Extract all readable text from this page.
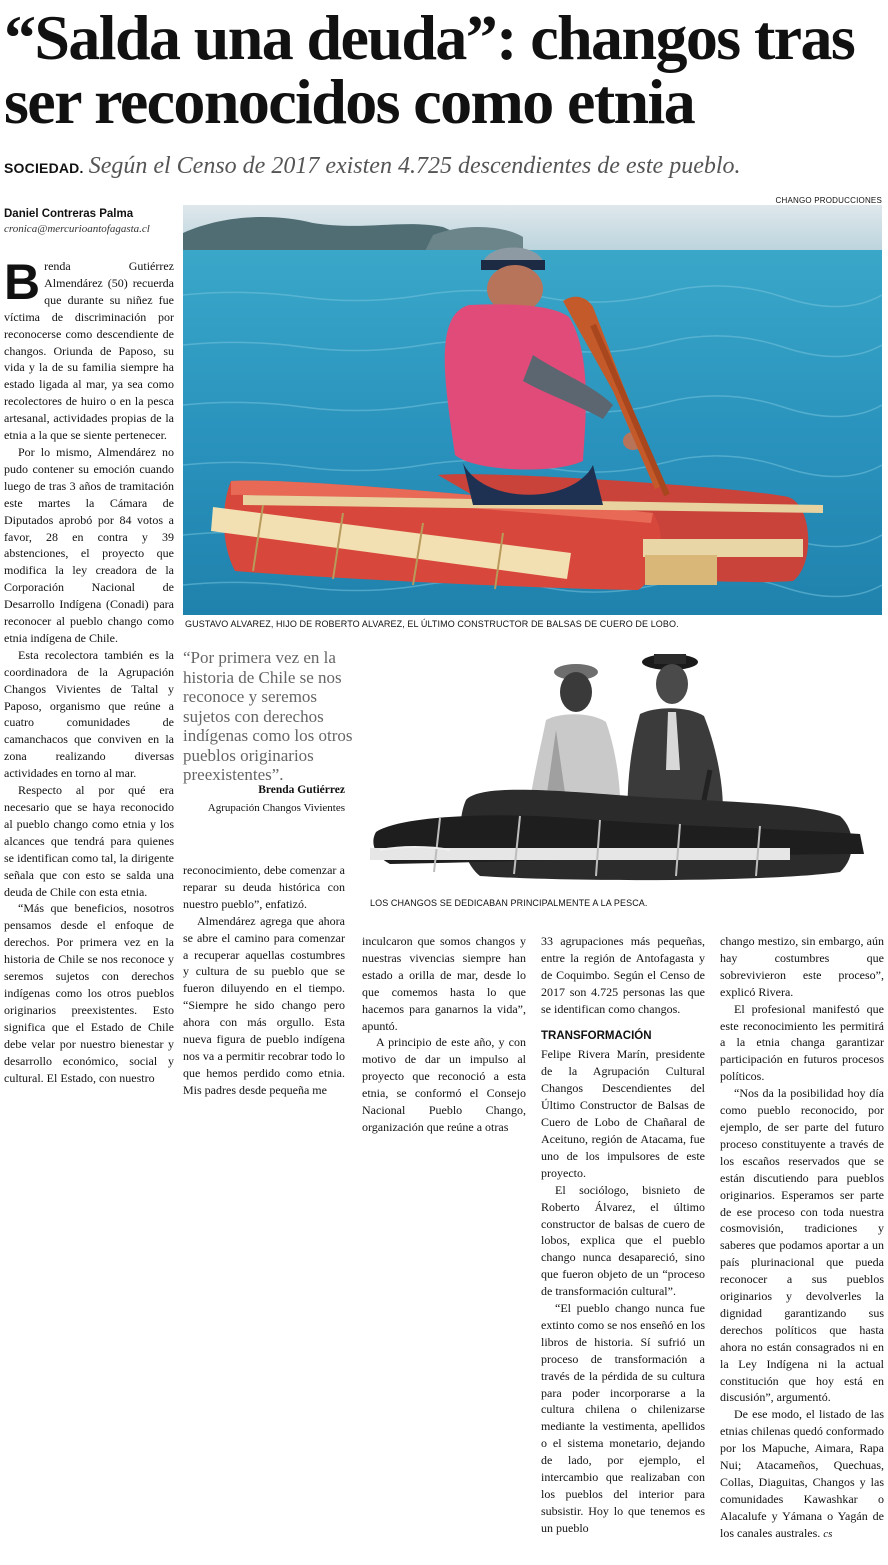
“Salda una deuda”: changos tras ser reconocidos como etnia
SOCIEDAD. Según el Censo de 2017 existen 4.725 descendientes de este pueblo.
Daniel Contreras Palma
cronica@mercurioantofagasta.cl
CHANGO PRODUCCIONES
GUSTAVO ALVAREZ, HIJO DE ROBERTO ALVAREZ, EL ÚLTIMO CONSTRUCTOR DE BALSAS DE CUERO DE LOBO.
LOS CHANGOS SE DEDICABAN PRINCIPALMENTE A LA PESCA.
“Por primera vez en la historia de Chile se nos reconoce y seremos sujetos con derechos indígenas como los otros pueblos originarios preexistentes”.
Brenda Gutiérrez
Agrupación Changos Vivientes

Brenda Gutiérrez Almendárez (50) recuerda que durante su niñez fue víctima de discriminación por reconocerse como descendiente de changos. Oriunda de Paposo, su vida y la de su familia siempre ha estado ligada al mar, ya sea como recolectores de huiro o en la pesca artesanal, actividades propias de la etnia a la que se siente pertenecer.

Por lo mismo, Almendárez no pudo contener su emoción cuando luego de tras 3 años de tramitación este martes la Cámara de Diputados aprobó por 84 votos a favor, 28 en contra y 39 abstenciones, el proyecto que modifica la ley creadora de la Corporación Nacional de Desarrollo Indígena (Conadi) para reconocer al pueblo chango como etnia indígena de Chile.

Esta recolectora también es la coordinadora de la Agrupación Changos Vivientes de Taltal y Paposo, organismo que reúne a cuatro comunidades de camanchacos que conviven en la zona realizando diversas actividades en torno al mar.

Respecto al por qué era necesario que se haya reconocido al pueblo chango como etnia y los alcances que tendrá para quienes se identifican como tal, la dirigente señala que con esto se salda una deuda de Chile con esta etnia.

“Más que beneficios, nosotros pensamos desde el enfoque de derechos. Por primera vez en la historia de Chile se nos reconoce y seremos sujetos con derechos indígenas como los otros pueblos originarios preexistentes. Esto significa que el Estado de Chile debe velar por nuestro bienestar y desarrollo económico, social y cultural. El Estado, con nuestro

reconocimiento, debe comenzar a reparar su deuda histórica con nuestro pueblo”, enfatizó.

Almendárez agrega que ahora se abre el camino para comenzar a recuperar aquellas costumbres y cultura de su pueblo que se fueron diluyendo en el tiempo. “Siempre he sido chango pero ahora con más orgullo. Esta nueva figura de pueblo indígena nos va a permitir recobrar todo lo que hemos perdido como etnia. Mis padres desde pequeña me

inculcaron que somos changos y nuestras vivencias siempre han estado a orilla de mar, desde lo que comemos hasta lo que hacemos para ganarnos la vida”, apuntó.

A principio de este año, y con motivo de dar un impulso al proyecto que reconoció a esta etnia, se conformó el Consejo Nacional Pueblo Chango, organización que reúne a otras

33 agrupaciones más pequeñas, entre la región de Antofagasta y de Coquimbo. Según el Censo de 2017 son 4.725 personas las que se identifican como changos.

TRANSFORMACIÓN

Felipe Rivera Marín, presidente de la Agrupación Cultural Changos Descendientes del Último Constructor de Balsas de Cuero de Lobo de Chañaral de Aceituno, región de Atacama, fue uno de los impulsores de este proyecto.

El sociólogo, bisnieto de Roberto Álvarez, el último constructor de balsas de cuero de lobos, explica que el pueblo chango nunca desapareció, sino que fueron objeto de un “proceso de transformación cultural”.

“El pueblo chango nunca fue extinto como se nos enseñó en los libros de historia. Sí sufrió un proceso de transformación a través de la pérdida de su cultura para poder incorporarse a la cultura chilena o chilenizarse mediante la vestimenta, apellidos o el sistema monetario, dejando de lado, por ejemplo, el intercambio que realizaban con los pueblos del interior para subsistir. Hoy lo que tenemos es un pueblo

chango mestizo, sin embargo, aún hay costumbres que sobrevivieron este proceso”, explicó Rivera.

El profesional manifestó que este reconocimiento les permitirá a la etnia changa garantizar participación en futuros procesos políticos.

“Nos da la posibilidad hoy día como pueblo reconocido, por ejemplo, de ser parte del futuro proceso constituyente a través de los escaños reservados que se están discutiendo para pueblos originarios. Esperamos ser parte de ese proceso con toda nuestra cosmovisión, tradiciones y saberes que podamos aportar a un país plurinacional que pueda reconocer a sus pueblos originarios y devolverles la dignidad garantizando sus derechos políticos que hasta ahora no están consagrados ni en la Ley Indígena ni la actual constitución que hoy está en discusión”, argumentó.

De ese modo, el listado de las etnias chilenas quedó conformado por los Mapuche, Aimara, Rapa Nui; Atacameños, Quechuas, Collas, Diaguitas, Changos y las comunidades Kawashkar o Alacalufe y Yámana o Yagán de los canales australes. cs
